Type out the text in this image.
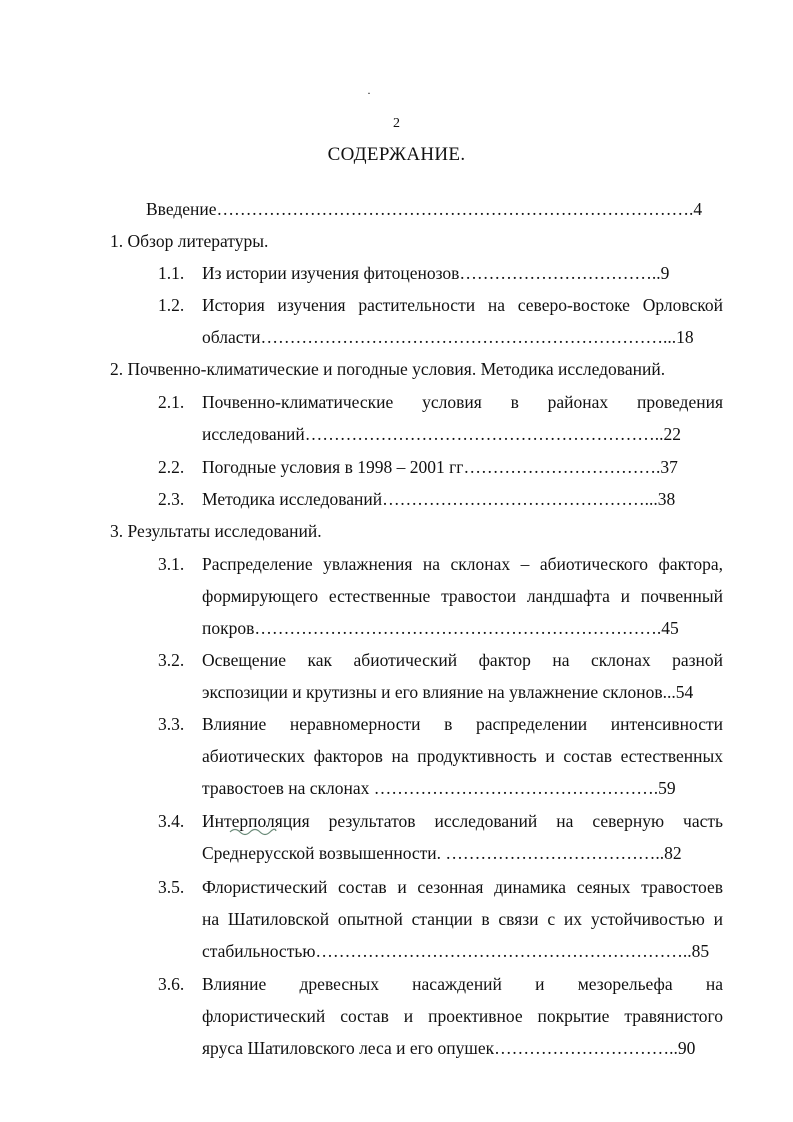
·
2
СОДЕРЖАНИЕ.
Введение……………………………………………………………………….4
1. Обзор литературы.
1.1. Из истории изучения фитоценозов……………………………..9
1.2. История изучения растительности на северо-востоке Орловской
области……………………………………………………………...18
2. Почвенно-климатические и погодные условия. Методика исследований.
2.1. Почвенно-климатические условия в районах проведения
исследований……………………………………………………..22
2.2. Погодные условия в 1998 – 2001 гг…………………………….37
2.3. Методика исследований………………………………………...38
3. Результаты исследований.
3.1. Распределение увлажнения на склонах – абиотического фактора,
формирующего естественные травостои ландшафта и почвенный
покров…………………………………………………………….45
3.2. Освещение как абиотический фактор на склонах разной
экспозиции и крутизны и его влияние на увлажнение склонов...54
3.3. Влияние неравномерности в распределении интенсивности
абиотических факторов на продуктивность и состав естественных
травостоев на склонах ………………………………………….59
3.4. Интерполяция результатов исследований на северную часть
Среднерусской возвышенности. ………………………………..82
3.5. Флористический состав и сезонная динамика сеяных травостоев
на Шатиловской опытной станции в связи с их устойчивостью и
стабильностью………………………………………………………..85
3.6. Влияние древесных насаждений и мезорельефа на
флористический состав и проективное покрытие травянистого
яруса Шатиловского леса и его опушек…………………………..90
